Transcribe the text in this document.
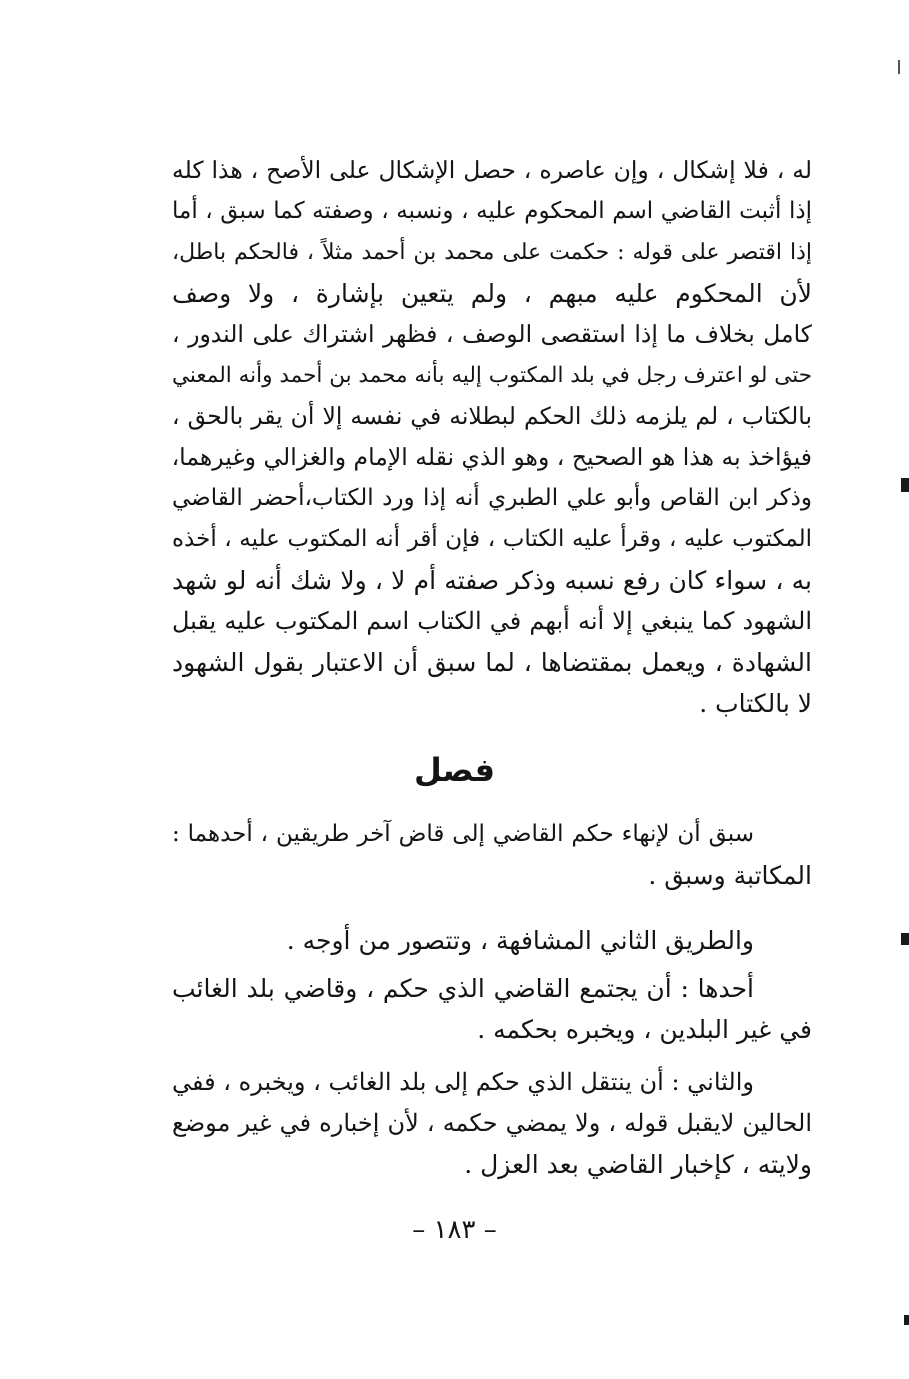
له ، فلا إشكال ، وإن عاصره ، حصل الإشكال على الأصح ، هذا كله
إذا أثبت القاضي اسم المحكوم عليه ، ونسبه ، وصفته كما سبق ، أما
إذا اقتصر على قوله : حكمت على محمد بن أحمد مثلاً ، فالحكم باطل،
لأن المحكوم عليه مبهم ، ولم يتعين بإشارة ، ولا وصف
كامل بخلاف ما إذا استقصى الوصف ، فظهر اشتراك على الندور ،
حتى لو اعترف رجل في بلد المكتوب إليه بأنه محمد بن أحمد وأنه المعني
بالكتاب ، لم يلزمه ذلك الحكم لبطلانه في نفسه إلا أن يقر بالحق ،
فيؤاخذ به هذا هو الصحيح ، وهو الذي نقله الإمام والغزالي وغيرهما،
وذكر ابن القاص وأبو علي الطبري أنه إذا ورد الكتاب،أحضر القاضي
المكتوب عليه ، وقرأ عليه الكتاب ، فإن أقر أنه المكتوب عليه ، أخذه
به ، سواء كان رفع نسبه وذكر صفته أم لا ، ولا شك أنه لو شهد
الشهود كما ينبغي إلا أنه أبهم في الكتاب اسم المكتوب عليه يقبل
الشهادة ، ويعمل بمقتضاها ، لما سبق أن الاعتبار بقول الشهود
لا بالكتاب .
فصل
سبق أن لإنهاء حكم القاضي إلى قاض آخر طريقين ، أحدهما :
المكاتبة وسبق .
والطريق الثاني المشافهة ، وتتصور من أوجه .
أحدها : أن يجتمع القاضي الذي حكم ، وقاضي بلد الغائب
في غير البلدين ، ويخبره بحكمه .
والثاني : أن ينتقل الذي حكم إلى بلد الغائب ، ويخبره ، ففي
الحالين لايقبل قوله ، ولا يمضي حكمه ، لأن إخباره في غير موضع
ولايته ، كإخبار القاضي بعد العزل .
– ١٨٣ –
